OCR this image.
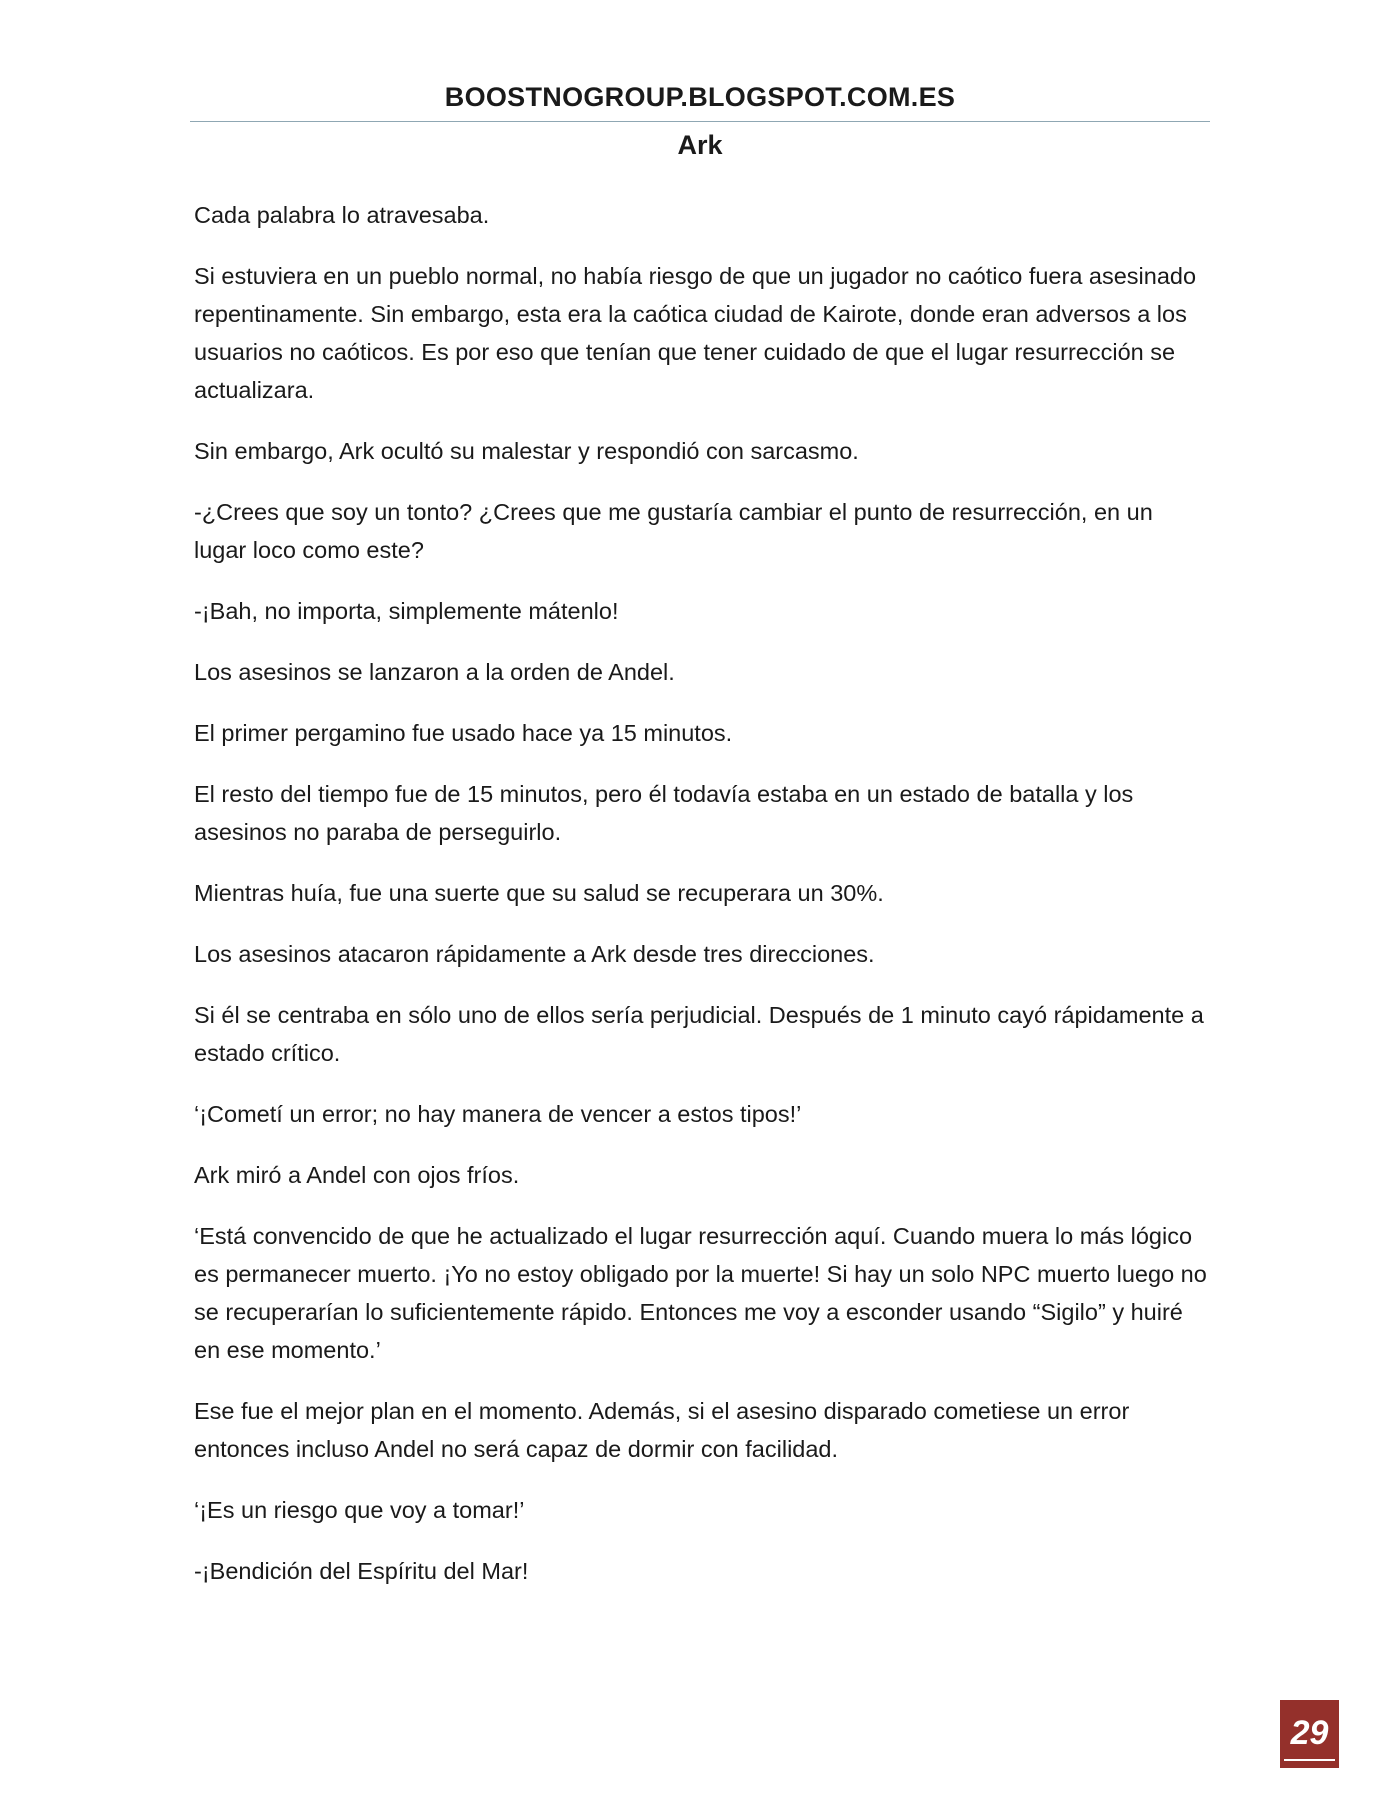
BOOSTNOGROUP.BLOGSPOT.COM.ES
Ark

Cada palabra lo atravesaba.

Si estuviera en un pueblo normal, no había riesgo de que un jugador no caótico fuera asesinado repentinamente. Sin embargo, esta era la caótica ciudad de Kairote, donde eran adversos a los usuarios no caóticos. Es por eso que tenían que tener cuidado de que el lugar resurrección se actualizara.

Sin embargo, Ark ocultó su malestar y respondió con sarcasmo.

-¿Crees que soy un tonto? ¿Crees que me gustaría cambiar el punto de resurrección, en un lugar loco como este?

-¡Bah, no importa, simplemente mátenlo!

Los asesinos se lanzaron a la orden de Andel.

El primer pergamino fue usado hace ya 15 minutos.

El resto del tiempo fue de 15 minutos, pero él todavía estaba en un estado de batalla y los asesinos no paraba de perseguirlo.

Mientras huía, fue una suerte que su salud se recuperara un 30%.

Los asesinos atacaron rápidamente a Ark desde tres direcciones.

Si él se centraba en sólo uno de ellos sería perjudicial. Después de 1 minuto cayó rápidamente a estado crítico.

‘¡Cometí un error; no hay manera de vencer a estos tipos!’

Ark miró a Andel con ojos fríos.

‘Está convencido de que he actualizado el lugar resurrección aquí. Cuando muera lo más lógico es permanecer muerto. ¡Yo no estoy obligado por la muerte! Si hay un solo NPC muerto luego no se recuperarían lo suficientemente rápido. Entonces me voy a esconder usando “Sigilo” y huiré en ese momento.’

Ese fue el mejor plan en el momento. Además, si el asesino disparado cometiese un error entonces incluso Andel no será capaz de dormir con facilidad.

‘¡Es un riesgo que voy a tomar!’

-¡Bendición del Espíritu del Mar!

29
